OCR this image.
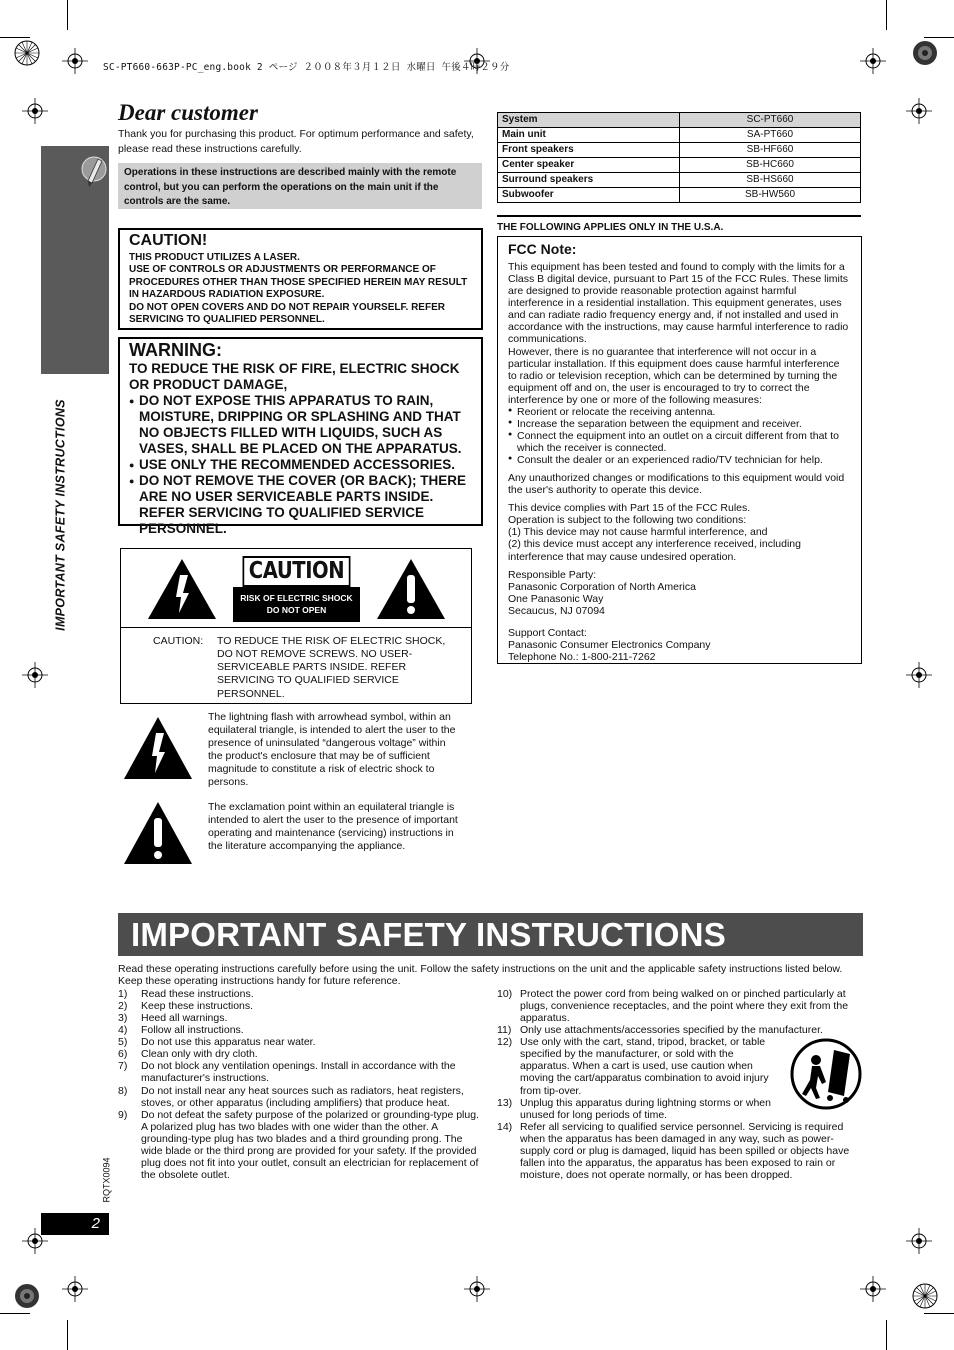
SC-PT660-663P-PC_eng.book 2 ページ ２００８年３月１２日 水曜日 午後４時２９分
IMPORTANT SAFETY INSTRUCTIONS
Dear customer

Thank you for purchasing this product. For optimum performance and safety, please read these instructions carefully.

Operations in these instructions are described mainly with the remote control, but you can perform the operations on the main unit if the controls are the same.
System	SC-PT660
Main unit	SA-PT660
Front speakers	SB-HF660
Center speaker	SB-HC660
Surround speakers	SB-HS660
Subwoofer	SB-HW560
CAUTION!
THIS PRODUCT UTILIZES A LASER.
USE OF CONTROLS OR ADJUSTMENTS OR PERFORMANCE OF PROCEDURES OTHER THAN THOSE SPECIFIED HEREIN MAY RESULT IN HAZARDOUS RADIATION EXPOSURE.
DO NOT OPEN COVERS AND DO NOT REPAIR YOURSELF. REFER SERVICING TO QUALIFIED PERSONNEL.
WARNING:
TO REDUCE THE RISK OF FIRE, ELECTRIC SHOCK OR PRODUCT DAMAGE,
● DO NOT EXPOSE THIS APPARATUS TO RAIN, MOISTURE, DRIPPING OR SPLASHING AND THAT NO OBJECTS FILLED WITH LIQUIDS, SUCH AS VASES, SHALL BE PLACED ON THE APPARATUS.
● USE ONLY THE RECOMMENDED ACCESSORIES.
● DO NOT REMOVE THE COVER (OR BACK); THERE ARE NO USER SERVICEABLE PARTS INSIDE. REFER SERVICING TO QUALIFIED SERVICE PERSONNEL.
CAUTION
RISK OF ELECTRIC SHOCK
DO NOT OPEN
CAUTION: TO REDUCE THE RISK OF ELECTRIC SHOCK, DO NOT REMOVE SCREWS. NO USER-SERVICEABLE PARTS INSIDE. REFER SERVICING TO QUALIFIED SERVICE PERSONNEL.
The lightning flash with arrowhead symbol, within an equilateral triangle, is intended to alert the user to the presence of uninsulated “dangerous voltage” within the product's enclosure that may be of sufficient magnitude to constitute a risk of electric shock to persons.
The exclamation point within an equilateral triangle is intended to alert the user to the presence of important operating and maintenance (servicing) instructions in the literature accompanying the appliance.
THE FOLLOWING APPLIES ONLY IN THE U.S.A.
FCC Note:

This equipment has been tested and found to comply with the limits for a Class B digital device, pursuant to Part 15 of the FCC Rules. These limits are designed to provide reasonable protection against harmful interference in a residential installation. This equipment generates, uses and can radiate radio frequency energy and, if not installed and used in accordance with the instructions, may cause harmful interference to radio communications.

However, there is no guarantee that interference will not occur in a particular installation. If this equipment does cause harmful interference to radio or television reception, which can be determined by turning the equipment off and on, the user is encouraged to try to correct the interference by one or more of the following measures:

● Reorient or relocate the receiving antenna.
● Increase the separation between the equipment and receiver.
● Connect the equipment into an outlet on a circuit different from that to which the receiver is connected.
● Consult the dealer or an experienced radio/TV technician for help.

Any unauthorized changes or modifications to this equipment would void the user's authority to operate this device.

This device complies with Part 15 of the FCC Rules.
Operation is subject to the following two conditions:
(1) This device may not cause harmful interference, and
(2) this device must accept any interference received, including interference that may cause undesired operation.

Responsible Party:
Panasonic Corporation of North America
One Panasonic Way
Secaucus, NJ 07094

Support Contact:
Panasonic Consumer Electronics Company
Telephone No.: 1-800-211-7262

IMPORTANT SAFETY INSTRUCTIONS

Read these operating instructions carefully before using the unit. Follow the safety instructions on the unit and the applicable safety instructions listed below. Keep these operating instructions handy for future reference.

1) Read these instructions.
2) Keep these instructions.
3) Heed all warnings.
4) Follow all instructions.
5) Do not use this apparatus near water.
6) Clean only with dry cloth.
7) Do not block any ventilation openings. Install in accordance with the manufacturer's instructions.
8) Do not install near any heat sources such as radiators, heat registers, stoves, or other apparatus (including amplifiers) that produce heat.
9) Do not defeat the safety purpose of the polarized or grounding-type plug. A polarized plug has two blades with one wider than the other. A grounding-type plug has two blades and a third grounding prong. The wide blade or the third prong are provided for your safety. If the provided plug does not fit into your outlet, consult an electrician for replacement of the obsolete outlet.
10) Protect the power cord from being walked on or pinched particularly at plugs, convenience receptacles, and the point where they exit from the apparatus.
11) Only use attachments/accessories specified by the manufacturer.
12) Use only with the cart, stand, tripod, bracket, or table specified by the manufacturer, or sold with the apparatus. When a cart is used, use caution when moving the cart/apparatus combination to avoid injury from tip-over.
13) Unplug this apparatus during lightning storms or when unused for long periods of time.
14) Refer all servicing to qualified service personnel. Servicing is required when the apparatus has been damaged in any way, such as power-supply cord or plug is damaged, liquid has been spilled or objects have fallen into the apparatus, the apparatus has been exposed to rain or moisture, does not operate normally, or has been dropped.
RQTX0094
2
